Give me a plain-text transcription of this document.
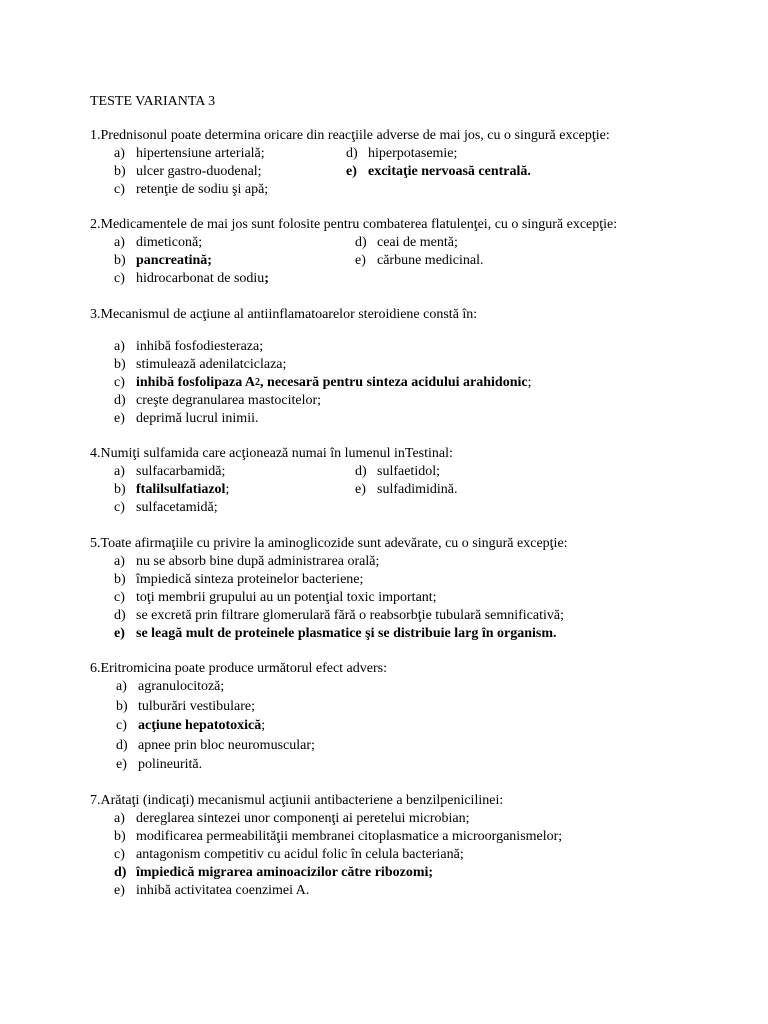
TESTE VARIANTA 3
1.Prednisonul poate determina oricare din reacţiile adverse de mai jos, cu o singură excepţie:
a) hipertensiune arterială;	d) hiperpotasemie;
b) ulcer gastro-duodenal;	e) excitaţie nervoasă centrală.
c) retenţie de sodiu şi apă;
2.Medicamentele de mai jos sunt folosite pentru combaterea flatulenţei, cu o singură excepţie:
a) dimeticonă;	d) ceai de mentă;
b) pancreatină;	e) cărbune medicinal.
c) hidrocarbonat de sodiu ;
3.Mecanismul de acţiune al antiinflamatoarelor steroidiene constă în:
a) inhibă fosfodiesteraza;
b) stimulează adenilatciclaza;
c) inhibă fosfolipaza A 2 , necesară pentru sinteza acidului arahidonic ;
d) creşte degranularea mastocitelor;
e) deprimă lucrul inimii.
4.Numiţi sulfamida care acţionează numai în lumenul inTestinal:
a) sulfacarbamidă;	d) sulfaetidol;
b) ftalilsulfatiazol ;	e) sulfadimidină.
c) sulfacetamidă;
5.Toate afirmaţiile cu privire la aminoglicozide sunt adevărate, cu o singură excepţie:
a) nu se absorb bine după administrarea orală;
b) împiedică sinteza proteinelor bacteriene;
c) toţi membrii grupului au un potenţial toxic important;
d) se excretă prin filtrare glomerulară fără o reabsorbţie tubulară semnificativă;
e) se leagă mult de proteinele plasmatice şi se distribuie larg în organism.
6.Eritromicina poate produce următorul efect advers:
a) agranulocitoză;
b) tulburări vestibulare;
c) acţiune hepatotoxică ;
d) apnee prin bloc neuromuscular;
e) polineurită.
7.Arătaţi (indicaţi) mecanismul acţiunii antibacteriene a benzilpenicilinei:
a) dereglarea sintezei unor componenţi ai peretelui microbian;
b) modificarea permeabilităţii membranei citoplasmatice a microorganismelor;
c) antagonism competitiv cu acidul folic în celula bacteriană;
d) împiedică migrarea aminoacizilor către ribozomi;
e) inhibă activitatea coenzimei A.
